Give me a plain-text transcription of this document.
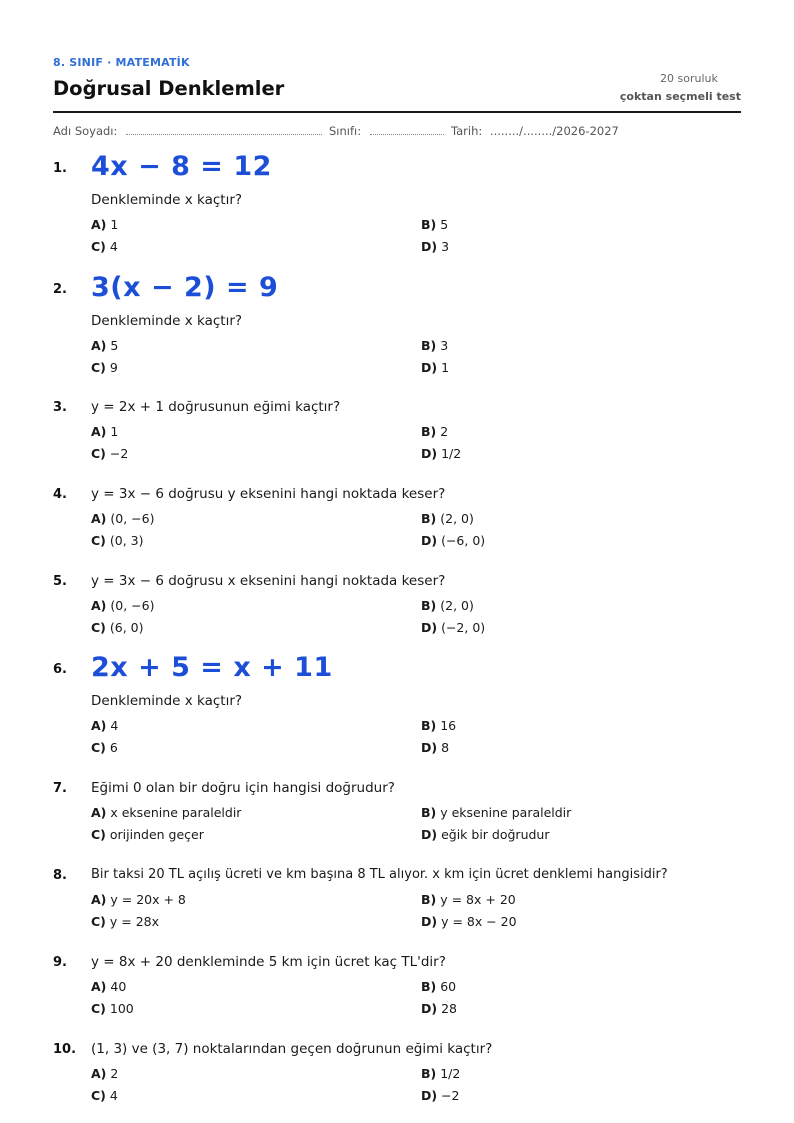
8. SINIF · MATEMATİK
Doğrusal Denklemler	20 soruluk
çoktan seçmeli test
Adı Soyadı:	Sınıfı:	Tarih: ......../......../2026-2027
1. 4x − 8 = 12
Denkleminde x kaçtır?
A) 1	B) 5
C) 4	D) 3
2. 3(x − 2) = 9
Denkleminde x kaçtır?
A) 5	B) 3
C) 9	D) 1
3. y = 2x + 1 doğrusunun eğimi kaçtır?
A) 1	B) 2
C) −2	D) 1/2
4. y = 3x − 6 doğrusu y eksenini hangi noktada keser?
A) (0, −6)	B) (2, 0)
C) (0, 3)	D) (−6, 0)
5. y = 3x − 6 doğrusu x eksenini hangi noktada keser?
A) (0, −6)	B) (2, 0)
C) (6, 0)	D) (−2, 0)
6. 2x + 5 = x + 11
Denkleminde x kaçtır?
A) 4	B) 16
C) 6	D) 8
7. Eğimi 0 olan bir doğru için hangisi doğrudur?
A) x eksenine paraleldir	B) y eksenine paraleldir
C) orijinden geçer	D) eğik bir doğrudur
8. Bir taksi 20 TL açılış ücreti ve km başına 8 TL alıyor. x km için ücret denklemi hangisidir?
A) y = 20x + 8	B) y = 8x + 20
C) y = 28x	D) y = 8x − 20
9. y = 8x + 20 denkleminde 5 km için ücret kaç TL'dir?
A) 40	B) 60
C) 100	D) 28
10. (1, 3) ve (3, 7) noktalarından geçen doğrunun eğimi kaçtır?
A) 2	B) 1/2
C) 4	D) −2
